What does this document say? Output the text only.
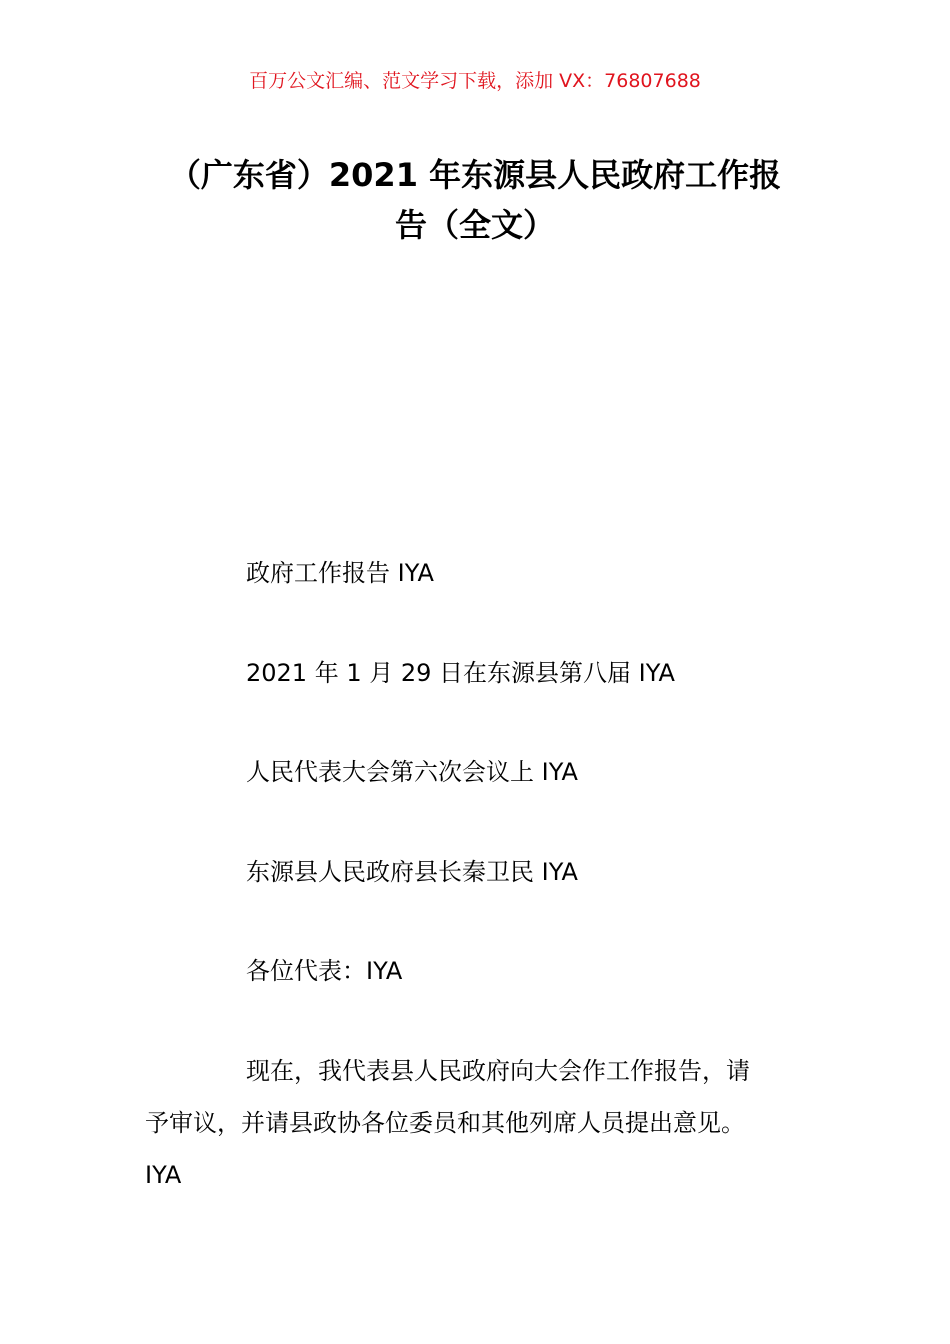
百万公文汇编、范文学习下载，添加 VX：76807688
（广东省）2021 年东源县人民政府工作报
告（全文）
政府工作报告 IYA
2021 年 1 月 29 日在东源县第八届 IYA
人民代表大会第六次会议上 IYA
东源县人民政府县长秦卫民 IYA
各位代表：IYA
现在，我代表县人民政府向大会作工作报告，请
予审议，并请县政协各位委员和其他列席人员提出意见。
IYA
